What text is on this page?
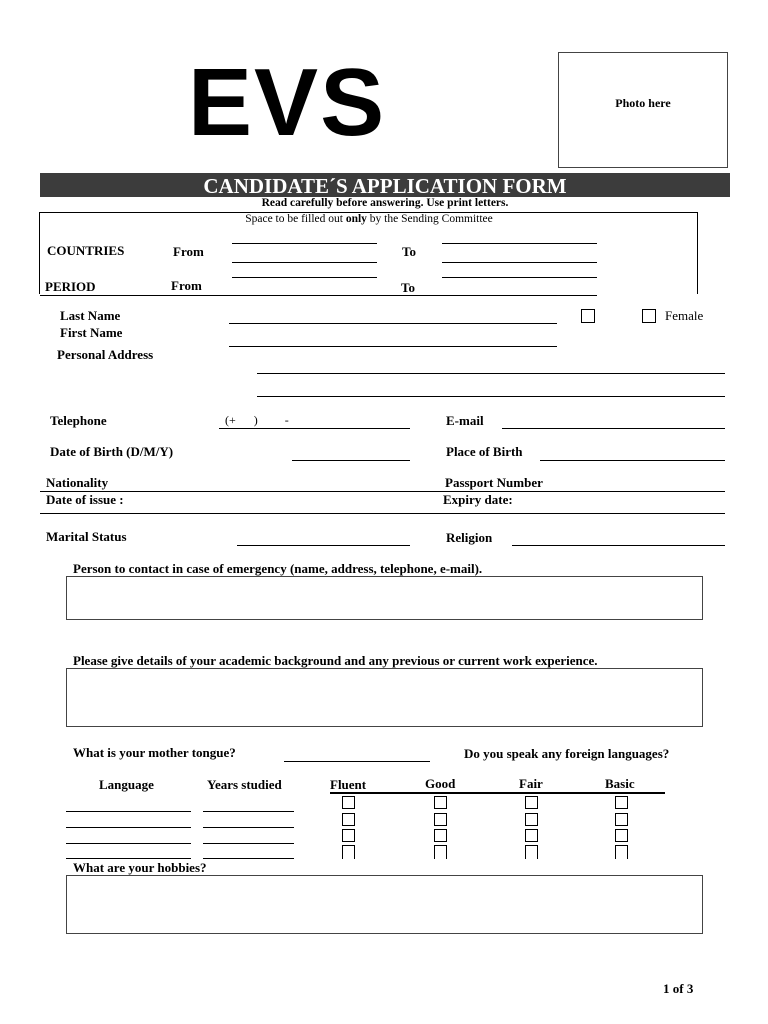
EVS	Photo here
CANDIDATE´S APPLICATION FORM
Read carefully before answering. Use print letters.
Space to be filled out only by the Sending Committee
COUNTRIES	From	To
PERIOD	From	To
Last Name	Female
First Name
Personal Address
Telephone	(+      )         -	E-mail
Date of Birth (D/M/Y)	Place of Birth
Nationality	Passport Number
Date of issue :	Expiry date:
Marital Status	Religion
Person to contact in case of emergency (name, address, telephone, e-mail).
Please give details of your academic background and any previous or current work experience.
What is your mother tongue?	Do you speak any foreign languages?
Language	Years studied	Fluent	Good	Fair	Basic
What are your hobbies?
1 of 3
